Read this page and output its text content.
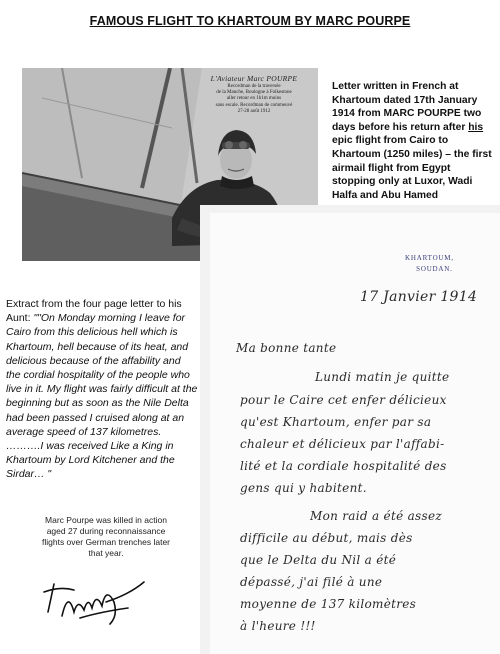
FAMOUS FLIGHT TO KHARTOUM BY MARC POURPE
L'Aviateur Marc POURPE
Recordman de la traversée
de la Manche, Boulogne à Folkestone
aller retour en 1h1m moins
sans escale. Recordman de commeuvé
27-28 août 1912
Letter written in French at Khartoum dated 17th January 1914 from MARC POURPE two days before his return after his epic flight from Cairo to Khartoum (1250 miles) – the first airmail flight from Egypt stopping only at Luxor, Wadi Halfa and Abu Hamed
KHARTOUM,
SOUDAN.
17 Janvier 1914
Ma bonne tante
Lundi matin je quitte
pour le Caire cet enfer délicieux
qu'est Khartoum, enfer par sa
chaleur et délicieux par l'affabi-
lité et la cordiale hospitalité des
gens qui y habitent.
Mon raid a été assez
difficile au début, mais dès
que le Delta du Nil a été
dépassé, j'ai filé à une
moyenne de 137 kilomètres
à l'heure !!!
Extract from the four page letter to his Aunt: ""On Monday morning I leave for Cairo from this delicious hell which is Khartoum, hell because of its heat, and delicious because of the affability and the cordial hospitality of the people who live in it. My flight was fairly difficult at the beginning but as soon as the Nile Delta had been passed I cruised along at an average speed of 137 kilometres. ……….I was received Like a King in Khartoum by Lord Kitchener and the Sirdar… "
Marc Pourpe was killed in action aged 27 during reconnaissance flights over German trenches later that year.
